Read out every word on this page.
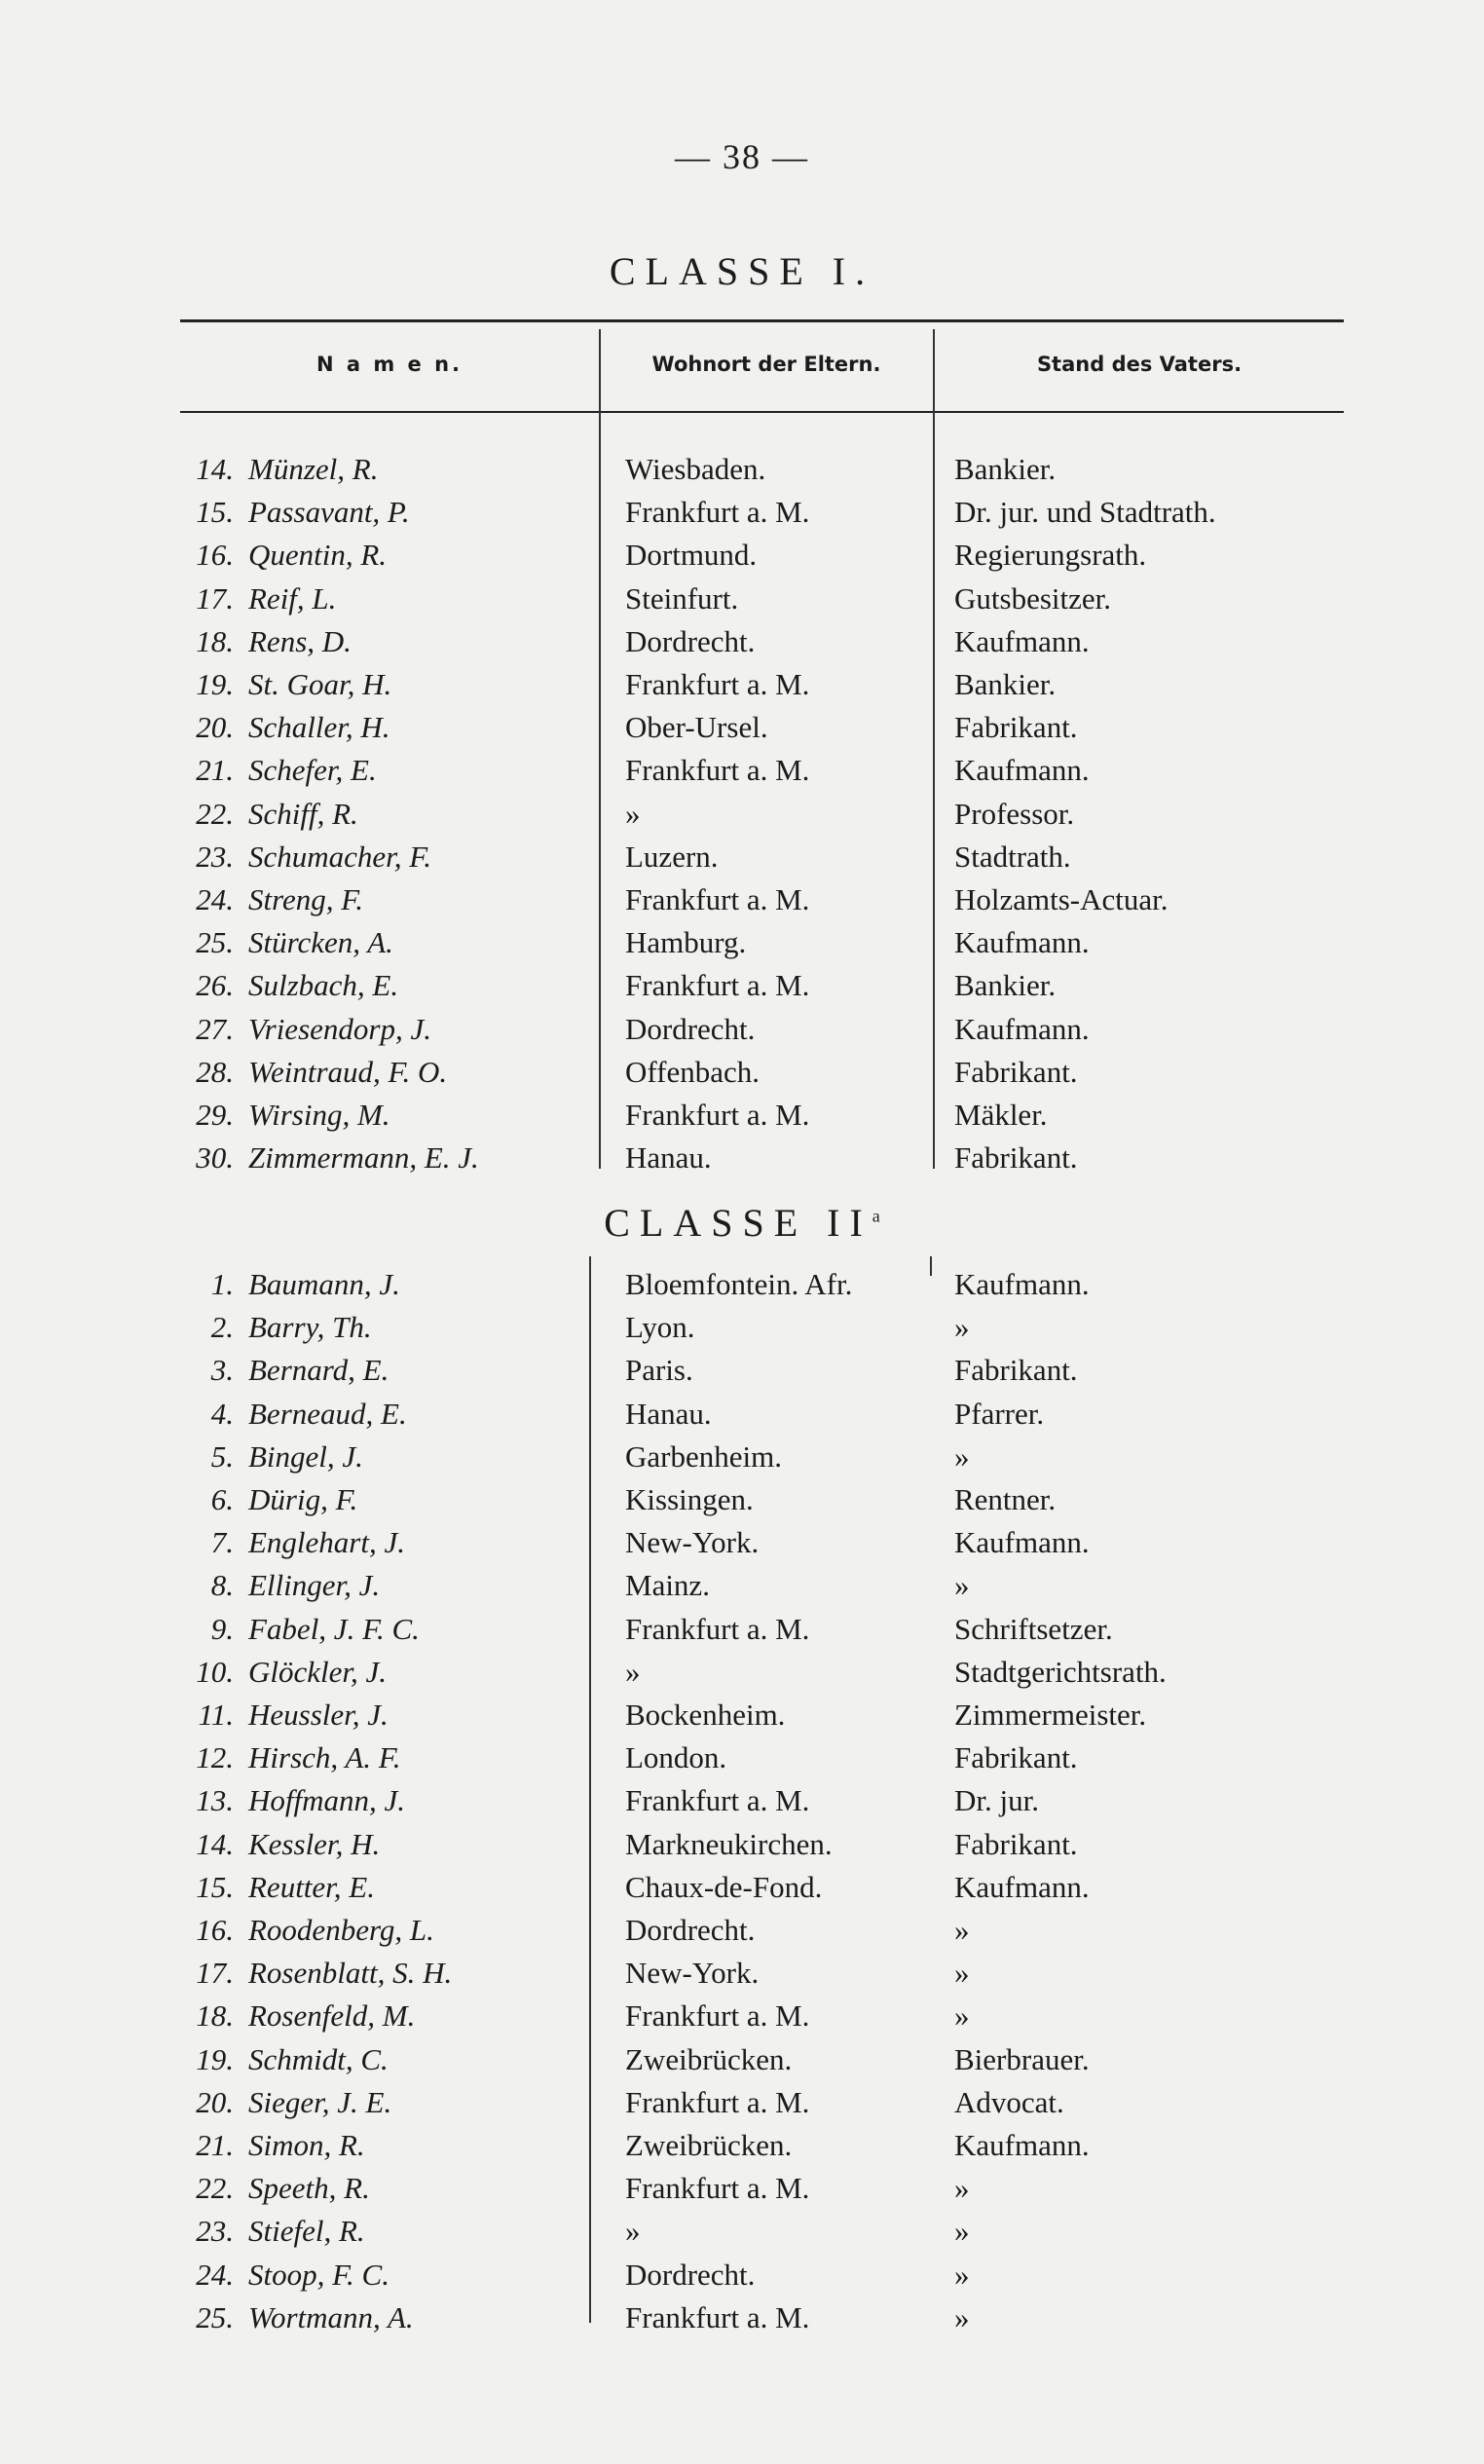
— 38 —
CLASSE I.
N a m e n.	Wohnort der Eltern.	Stand des Vaters.
14. Münzel, R.	Wiesbaden.	Bankier.
15. Passavant, P.	Frankfurt a. M.	Dr. jur. und Stadtrath.
16. Quentin, R.	Dortmund.	Regierungsrath.
17. Reif, L.	Steinfurt.	Gutsbesitzer.
18. Rens, D.	Dordrecht.	Kaufmann.
19. St. Goar, H.	Frankfurt a. M.	Bankier.
20. Schaller, H.	Ober-Ursel.	Fabrikant.
21. Schefer, E.	Frankfurt a. M.	Kaufmann.
22. Schiff, R.	»	Professor.
23. Schumacher, F.	Luzern.	Stadtrath.
24. Streng, F.	Frankfurt a. M.	Holzamts-Actuar.
25. Stürcken, A.	Hamburg.	Kaufmann.
26. Sulzbach, E.	Frankfurt a. M.	Bankier.
27. Vriesendorp, J.	Dordrecht.	Kaufmann.
28. Weintraud, F. O.	Offenbach.	Fabrikant.
29. Wirsing, M.	Frankfurt a. M.	Mäkler.
30. Zimmermann, E. J.	Hanau.	Fabrikant.
CLASSE $II^a$
1. Baumann, J.	Bloemfontein. Afr.	Kaufmann.
2. Barry, Th.	Lyon.	»
3. Bernard, E.	Paris.	Fabrikant.
4. Berneaud, E.	Hanau.	Pfarrer.
5. Bingel, J.	Garbenheim.	»
6. Dürig, F.	Kissingen.	Rentner.
7. Englehart, J.	New-York.	Kaufmann.
8. Ellinger, J.	Mainz.	»
9. Fabel, J. F. C.	Frankfurt a. M.	Schriftsetzer.
10. Glöckler, J.	»	Stadtgerichtsrath.
11. Heussler, J.	Bockenheim.	Zimmermeister.
12. Hirsch, A. F.	London.	Fabrikant.
13. Hoffmann, J.	Frankfurt a. M.	Dr. jur.
14. Kessler, H.	Markneukirchen.	Fabrikant.
15. Reutter, E.	Chaux-de-Fond.	Kaufmann.
16. Roodenberg, L.	Dordrecht.	»
17. Rosenblatt, S. H.	New-York.	»
18. Rosenfeld, M.	Frankfurt a. M.	»
19. Schmidt, C.	Zweibrücken.	Bierbrauer.
20. Sieger, J. E.	Frankfurt a. M.	Advocat.
21. Simon, R.	Zweibrücken.	Kaufmann.
22. Speeth, R.	Frankfurt a. M.	»
23. Stiefel, R.	»	»
24. Stoop, F. C.	Dordrecht.	»
25. Wortmann, A.	Frankfurt a. M.	»
